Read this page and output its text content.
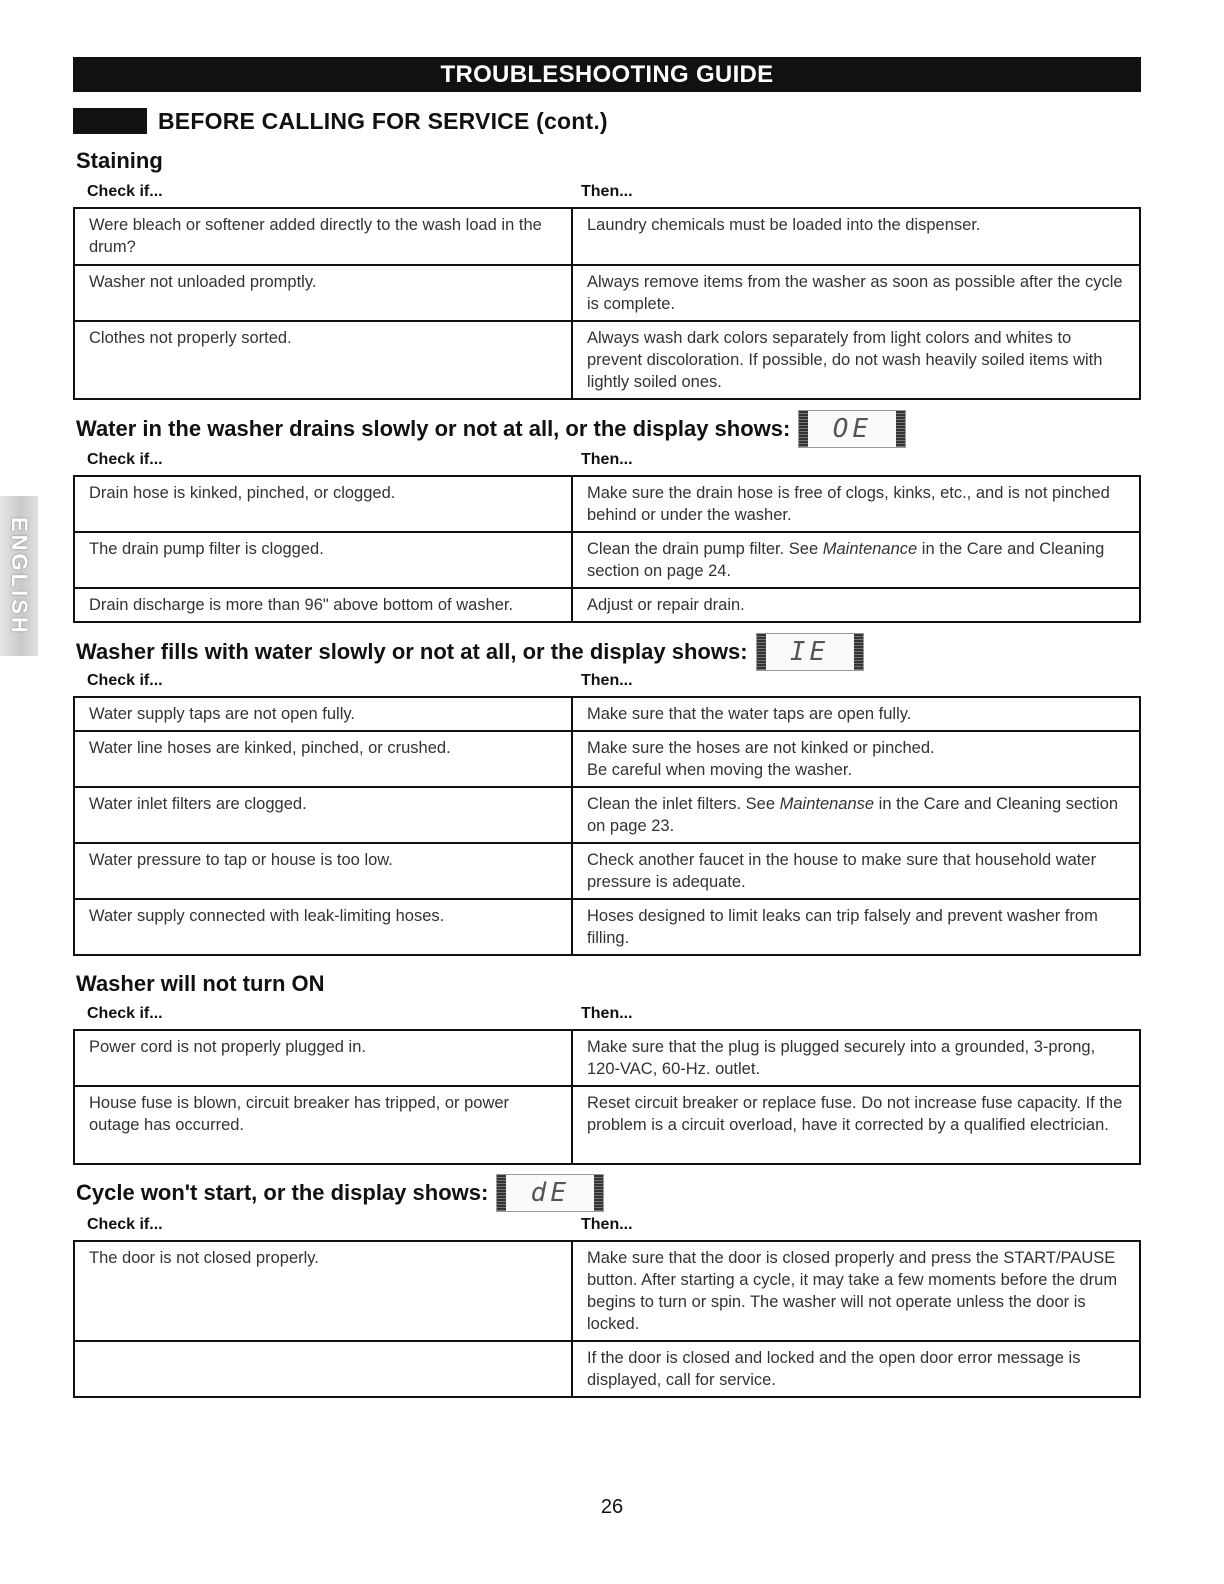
TROUBLESHOOTING GUIDE
BEFORE CALLING FOR SERVICE (cont.)
ENGLISH
Staining
Check if...	Then...
Were bleach or softener added directly to the wash load in the drum?	Laundry chemicals must be loaded into the dispenser.
Washer not unloaded promptly.	Always remove items from the washer as soon as possible after the cycle is complete.
Clothes not properly sorted.	Always wash dark colors separately from light colors and whites to prevent discoloration. If possible, do not wash heavily soiled items with lightly soiled ones.
Water in the washer drains slowly or not at all, or the display shows:	OE
Check if...	Then...
Drain hose is kinked, pinched, or clogged.	Make sure the drain hose is free of clogs, kinks, etc., and is not pinched behind or under the washer.
The drain pump filter is clogged.	Clean the drain pump filter. See Maintenance in the Care and Cleaning section on page 24.
Drain discharge is more than 96" above bottom of washer.	Adjust or repair drain.
Washer fills with water slowly or not at all, or the display shows:	IE
Check if...	Then...
Water supply taps are not open fully.	Make sure that the water taps are open fully.
Water line hoses are kinked, pinched, or crushed.	Make sure the hoses are not kinked or pinched.
Be careful when moving the washer.

Water inlet filters are clogged.	Clean the inlet filters. See Maintenanse in the Care and Cleaning section on page 23.
Water pressure to tap or house is too low.	Check another faucet in the house to make sure that household water pressure is adequate.
Water supply connected with leak-limiting hoses.	Hoses designed to limit leaks can trip falsely and prevent washer from filling.
Washer will not turn ON
Check if...	Then...
Power cord is not properly plugged in.	Make sure that the plug is plugged securely into a grounded, 3-prong, 120-VAC, 60-Hz. outlet.
House fuse is blown, circuit breaker has tripped, or power outage has occurred.	Reset circuit breaker or replace fuse. Do not increase fuse capacity. If the problem is a circuit overload, have it corrected by a qualified electrician.
Cycle won't start, or the display shows:	dE
Check if...	Then...
The door is not closed properly.	Make sure that the door is closed properly and press the START/PAUSE button. After starting a cycle, it may take a few moments before the drum begins to turn or spin. The washer will not operate unless the door is locked.
	If the door is closed and locked and the open door error message is displayed, call for service.
26
